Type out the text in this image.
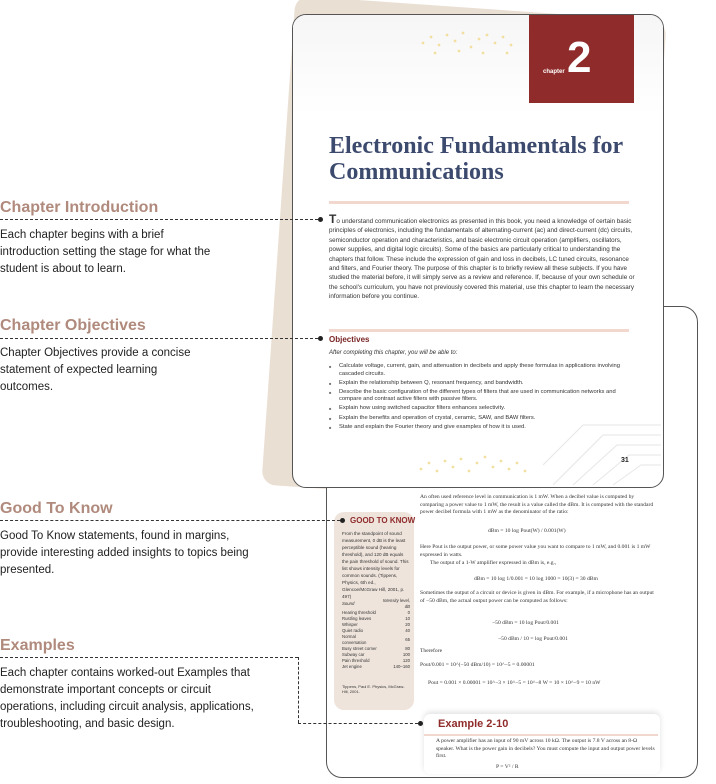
GOOD TO KNOW
From the standpoint of sound measurement, 0 dB is the least perceptible sound (hearing threshold), and 120 dB equals the pain threshold of sound. This list shows intensity levels for common sounds. (Tippens, Physics, 6th ed., Glencoe/McGraw Hill, 2001, p. 497)
Sound	Intensity level, dB
Hearing threshold	0
Rustling leaves	10
Whisper	20
Quiet radio	40
Normal conversation	65
Busy street corner	80
Subway car	100
Pain threshold	120
Jet engine	140–160
Tippens, Paul E. Physics, McGraw-Hill, 2001.
An often used reference level in communication is 1 mW. When a decibel value is computed by comparing a power value to 1 mW, the result is a value called the dBm. It is computed with the standard power decibel formula with 1 mW as the denominator of the ratio:
dBm = 10 log Pout(W) / 0.001(W)
Here Pout is the output power, or some power value you want to compare to 1 mW, and 0.001 is 1 mW expressed in watts.
The output of a 1-W amplifier expressed in dBm is, e.g.,
dBm = 10 log 1/0.001 = 10 log 1000 = 10(3) = 30 dBm
Sometimes the output of a circuit or device is given in dBm. For example, if a microphone has an output of −50 dBm, the actual output power can be computed as follows:
−50 dBm = 10 log Pout/0.001
−50 dBm / 10 = log Pout/0.001
Therefore
Pout/0.001 = 10^(−50 dBm/10) = 10^−5 = 0.00001
Pout = 0.001 × 0.00001 = 10^−3 × 10^−5 = 10^−8 W = 10 × 10^−9 = 10 nW
Example 2-10
A power amplifier has an input of 90 mV across 10 kΩ. The output is 7.8 V across an 8-Ω speaker. What is the power gain in decibels? You must compute the input and output power levels first.
P = V² / R
chapter 2
Electronic Fundamentals for Communications
To understand communication electronics as presented in this book, you need a knowledge of certain basic principles of electronics, including the fundamentals of alternating-current (ac) and direct-current (dc) circuits, semiconductor operation and characteristics, and basic electronic circuit operation (amplifiers, oscillators, power supplies, and digital logic circuits). Some of the basics are particularly critical to understanding the chapters that follow. These include the expression of gain and loss in decibels, LC tuned circuits, resonance and filters, and Fourier theory. The purpose of this chapter is to briefly review all these subjects. If you have studied the material before, it will simply serve as a review and reference. If, because of your own schedule or the school's curriculum, you have not previously covered this material, use this chapter to learn the necessary information before you continue.
Objectives
After completing this chapter, you will be able to:
■ Calculate voltage, current, gain, and attenuation in decibels and apply these formulas in applications involving cascaded circuits.
■ Explain the relationship between Q, resonant frequency, and bandwidth.
■ Describe the basic configuration of the different types of filters that are used in communication networks and compare and contrast active filters with passive filters.
■ Explain how using switched capacitor filters enhances selectivity.
■ Explain the benefits and operation of crystal, ceramic, SAW, and BAW filters.
■ State and explain the Fourier theory and give examples of how it is used.
31
Chapter Introduction
Each chapter begins with a brief introduction setting the stage for what the student is about to learn.
Chapter Objectives
Chapter Objectives provide a concise statement of expected learning outcomes.
Good To Know
Good To Know statements, found in margins, provide interesting added insights to topics being presented.
Examples
Each chapter contains worked-out Examples that demonstrate important concepts or circuit operations, including circuit analysis, applications, troubleshooting, and basic design.
